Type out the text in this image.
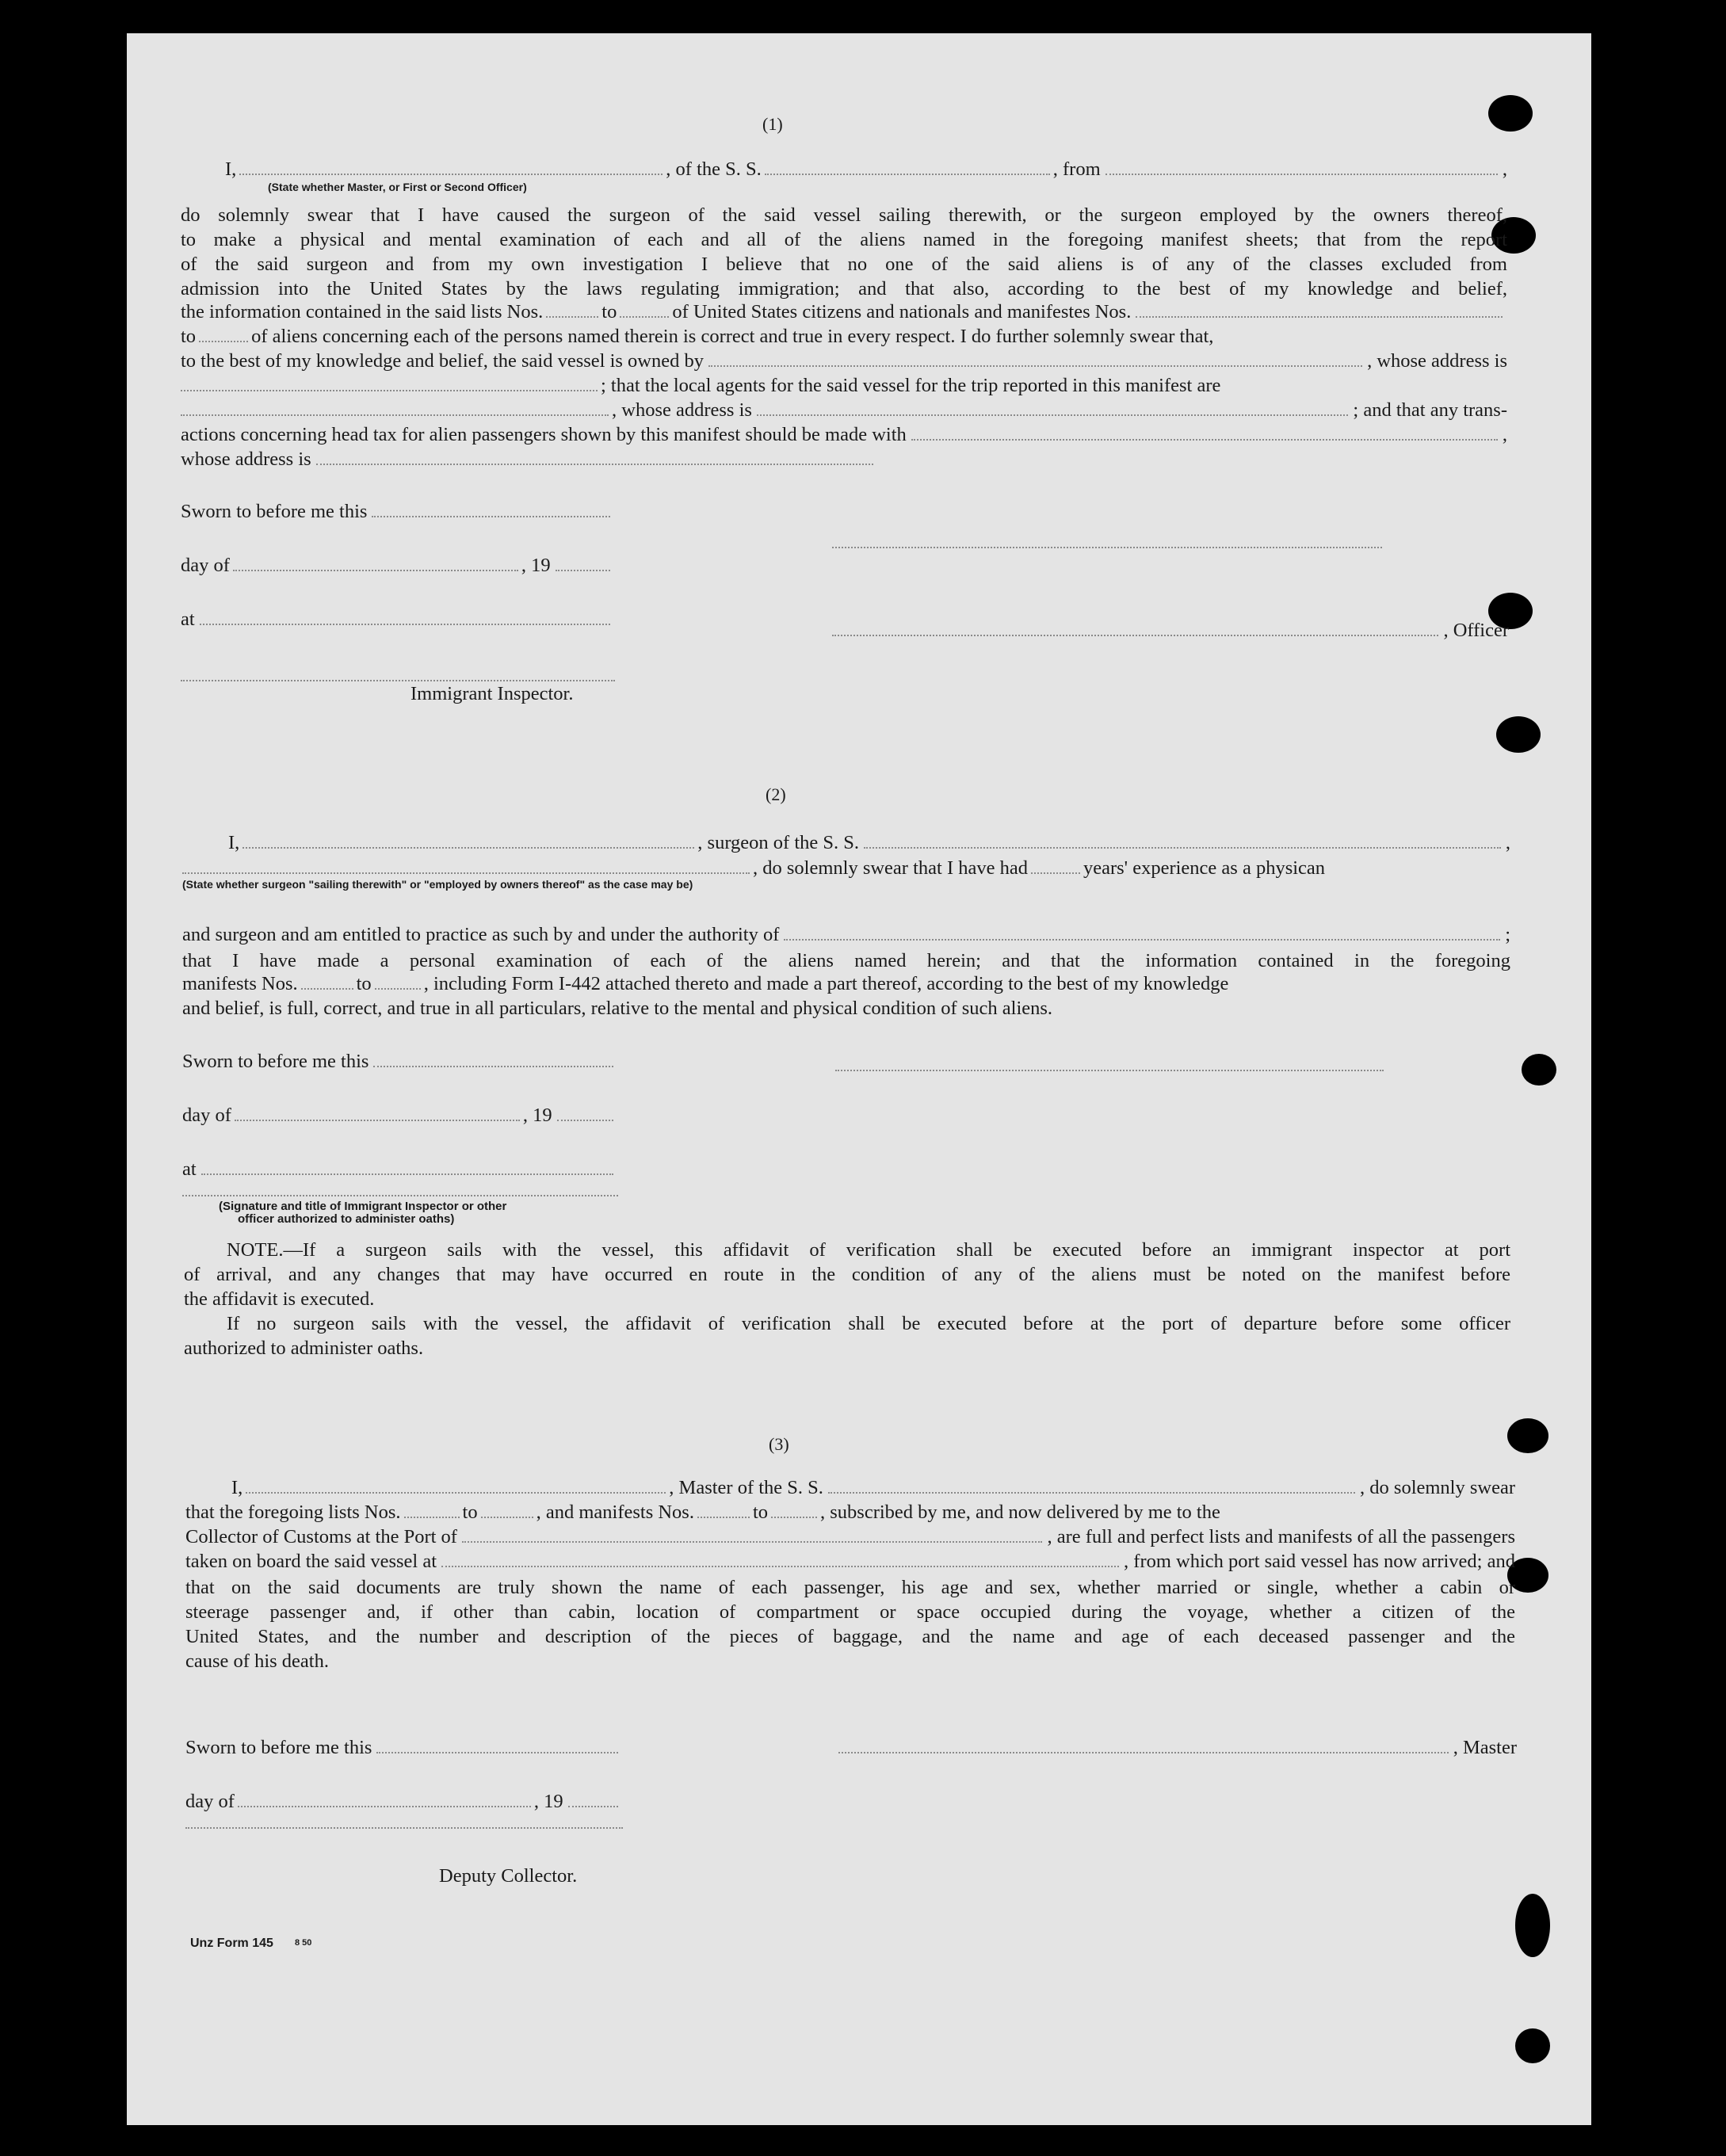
(1)
I,	, of the S. S.	, from	,
(State whether Master, or First or Second Officer)
do solemnly swear that I have caused the surgeon of the said vessel sailing therewith, or the surgeon employed by the owners thereof,
to make a physical and mental examination of each and all of the aliens named in the foregoing manifest sheets; that from the report
of the said surgeon and from my own investigation I believe that no one of the said aliens is of any of the classes excluded from
admission into the United States by the laws regulating immigration; and that also, according to the best of my knowledge and belief,
the information contained in the said lists Nos.	to	of United States citizens and nationals and manifestes Nos.
to	of aliens concerning each of the persons named therein is correct and true in every respect. I do further solemnly swear that,
to the best of my knowledge and belief, the said vessel is owned by	, whose address is
; that the local agents for the said vessel for the trip reported in this manifest are
, whose address is	; and that any trans-
actions concerning head tax for alien passengers shown by this manifest should be made with	,
whose address is
Sworn to before me this
day of	, 19
at
, Officer
Immigrant Inspector.
(2)
I,	, surgeon of the S. S.	,
, do solemnly swear that I have had	years' experience as a physican
(State whether surgeon "sailing therewith" or "employed by owners thereof" as the case may be)
and surgeon and am entitled to practice as such by and under the authority of	;
that I have made a personal examination of each of the aliens named herein; and that the information contained in the foregoing
manifests Nos.	to	, including Form I-442 attached thereto and made a part thereof, according to the best of my knowledge
and belief, is full, correct, and true in all particulars, relative to the mental and physical condition of such aliens.
Sworn to before me this
day of	, 19
at
(Signature and title of Immigrant Inspector or other
officer authorized to administer oaths)
NOTE.—If a surgeon sails with the vessel, this affidavit of verification shall be executed before an immigrant inspector at port
of arrival, and any changes that may have occurred en route in the condition of any of the aliens must be noted on the manifest before
the affidavit is executed.
If no surgeon sails with the vessel, the affidavit of verification shall be executed before at the port of departure before some officer
authorized to administer oaths.
(3)
I,	, Master of the S. S.	, do solemnly swear
that the foregoing lists Nos.	to	, and manifests Nos.	to	, subscribed by me, and now delivered by me to the
Collector of Customs at the Port of	, are full and perfect lists and manifests of all the passengers
taken on board the said vessel at	, from which port said vessel has now arrived; and
that on the said documents are truly shown the name of each passenger, his age and sex, whether married or single, whether a cabin or
steerage passenger and, if other than cabin, location of compartment or space occupied during the voyage, whether a citizen of the
United States, and the number and description of the pieces of baggage, and the name and age of each deceased passenger and the
cause of his death.
Sworn to before me this	, Master
day of	, 19
Deputy Collector.
Unz Form 145 8 50
